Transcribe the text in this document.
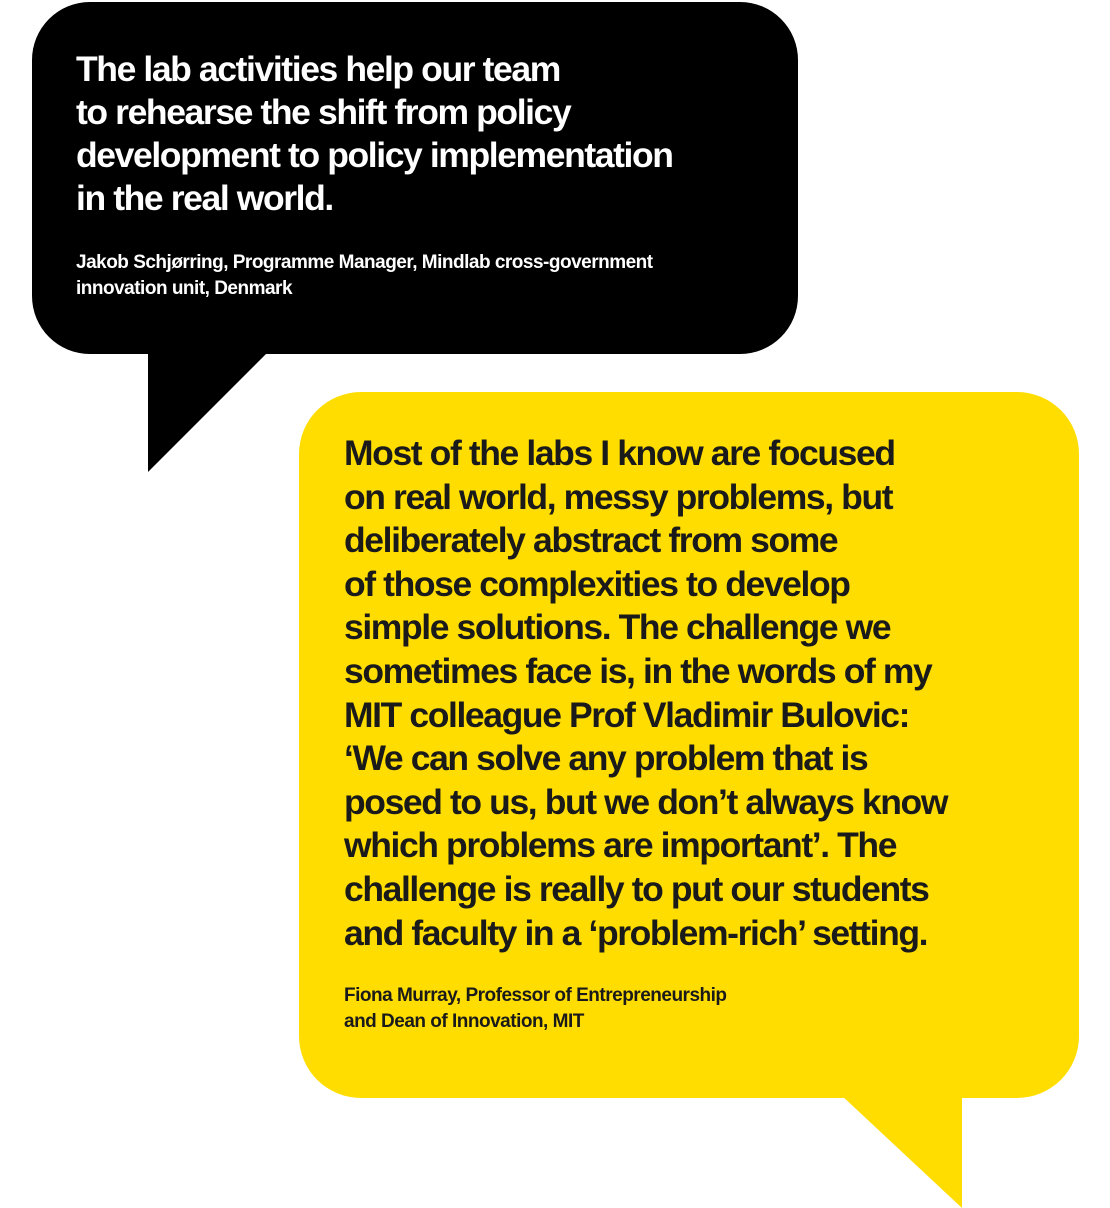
The lab activities help our team
to rehearse the shift from policy
development to policy implementation
in the real world.

Jakob Schjørring, Programme Manager, Mindlab cross-government
innovation unit, Denmark

Most of the labs I know are focused
on real world, messy problems, but
deliberately abstract from some
of those complexities to develop
simple solutions. The challenge we
sometimes face is, in the words of my
MIT colleague Prof Vladimir Bulovic:
‘We can solve any problem that is
posed to us, but we don’t always know
which problems are important’. The
challenge is really to put our students
and faculty in a ‘problem-rich’ setting.

Fiona Murray, Professor of Entrepreneurship
and Dean of Innovation, MIT
